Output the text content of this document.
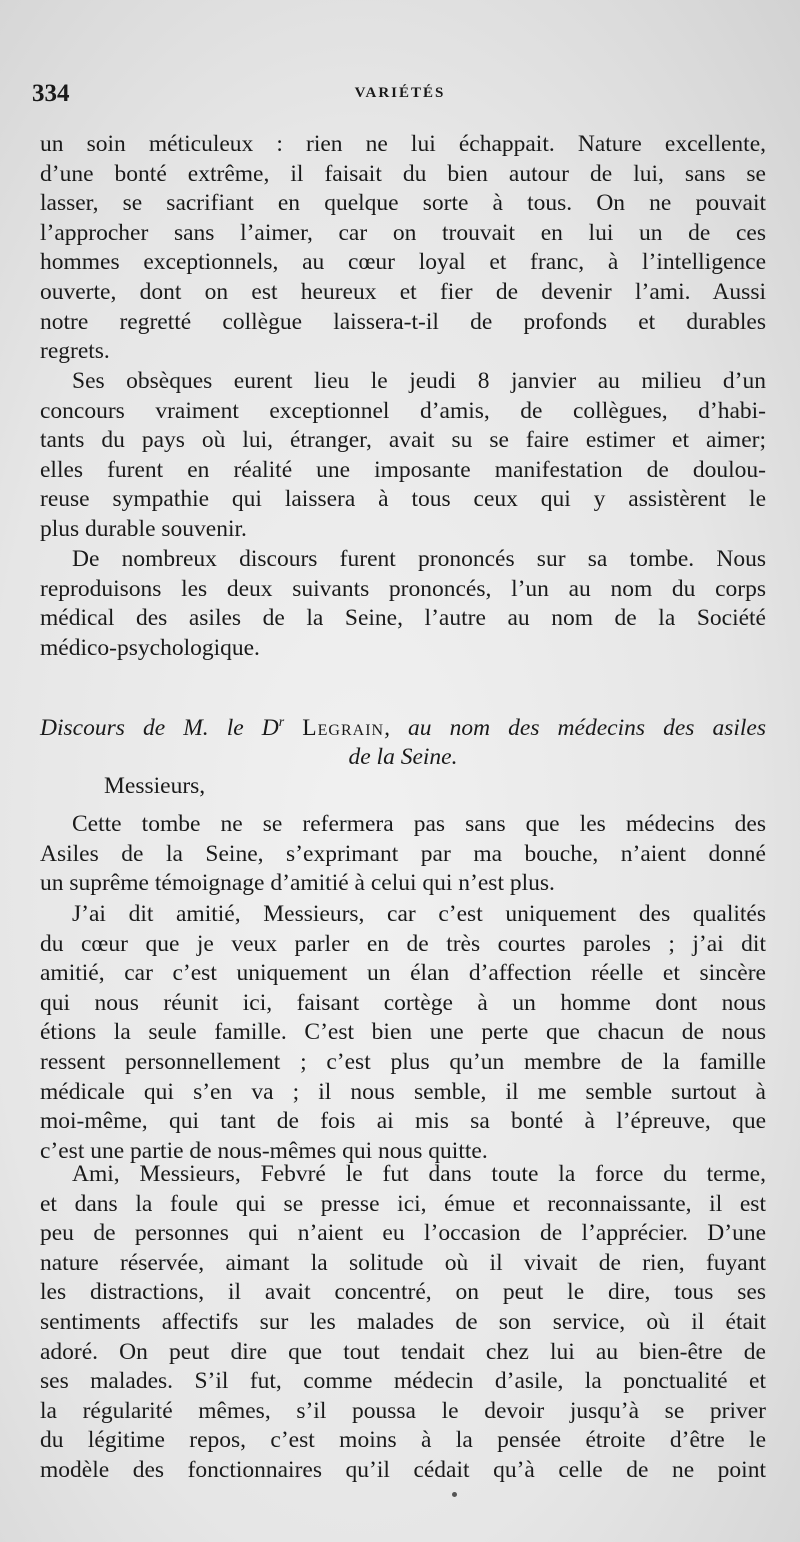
334	VARIÉTÉS
un soin méticuleux : rien ne lui échappait. Nature excellente,
d’une bonté extrême, il faisait du bien autour de lui, sans se
lasser, se sacrifiant en quelque sorte à tous. On ne pouvait
l’approcher sans l’aimer, car on trouvait en lui un de ces
hommes exceptionnels, au cœur loyal et franc, à l’intelligence
ouverte, dont on est heureux et fier de devenir l’ami. Aussi
notre regretté collègue laissera-t-il de profonds et durables
regrets.
Ses obsèques eurent lieu le jeudi 8 janvier au milieu d’un
concours vraiment exceptionnel d’amis, de collègues, d’habi-
tants du pays où lui, étranger, avait su se faire estimer et aimer;
elles furent en réalité une imposante manifestation de doulou-
reuse sympathie qui laissera à tous ceux qui y assistèrent le
plus durable souvenir.
De nombreux discours furent prononcés sur sa tombe. Nous
reproduisons les deux suivants prononcés, l’un au nom du corps
médical des asiles de la Seine, l’autre au nom de la Société
médico-psychologique.
Discours de M. le $D^r$ Legrain, au nom des médecins des asiles
de la Seine.
Messieurs,
Cette tombe ne se refermera pas sans que les médecins des
Asiles de la Seine, s’exprimant par ma bouche, n’aient donné
un suprême témoignage d’amitié à celui qui n’est plus.
J’ai dit amitié, Messieurs, car c’est uniquement des qualités
du cœur que je veux parler en de très courtes paroles ; j’ai dit
amitié, car c’est uniquement un élan d’affection réelle et sincère
qui nous réunit ici, faisant cortège à un homme dont nous
étions la seule famille. C’est bien une perte que chacun de nous
ressent personnellement ; c’est plus qu’un membre de la famille
médicale qui s’en va ; il nous semble, il me semble surtout à
moi-même, qui tant de fois ai mis sa bonté à l’épreuve, que
c’est une partie de nous-mêmes qui nous quitte.
Ami, Messieurs, Febvré le fut dans toute la force du terme,
et dans la foule qui se presse ici, émue et reconnaissante, il est
peu de personnes qui n’aient eu l’occasion de l’apprécier. D’une
nature réservée, aimant la solitude où il vivait de rien, fuyant
les distractions, il avait concentré, on peut le dire, tous ses
sentiments affectifs sur les malades de son service, où il était
adoré. On peut dire que tout tendait chez lui au bien-être de
ses malades. S’il fut, comme médecin d’asile, la ponctualité et
la régularité mêmes, s’il poussa le devoir jusqu’à se priver
du légitime repos, c’est moins à la pensée étroite d’être le
modèle des fonctionnaires qu’il cédait qu’à celle de ne point
